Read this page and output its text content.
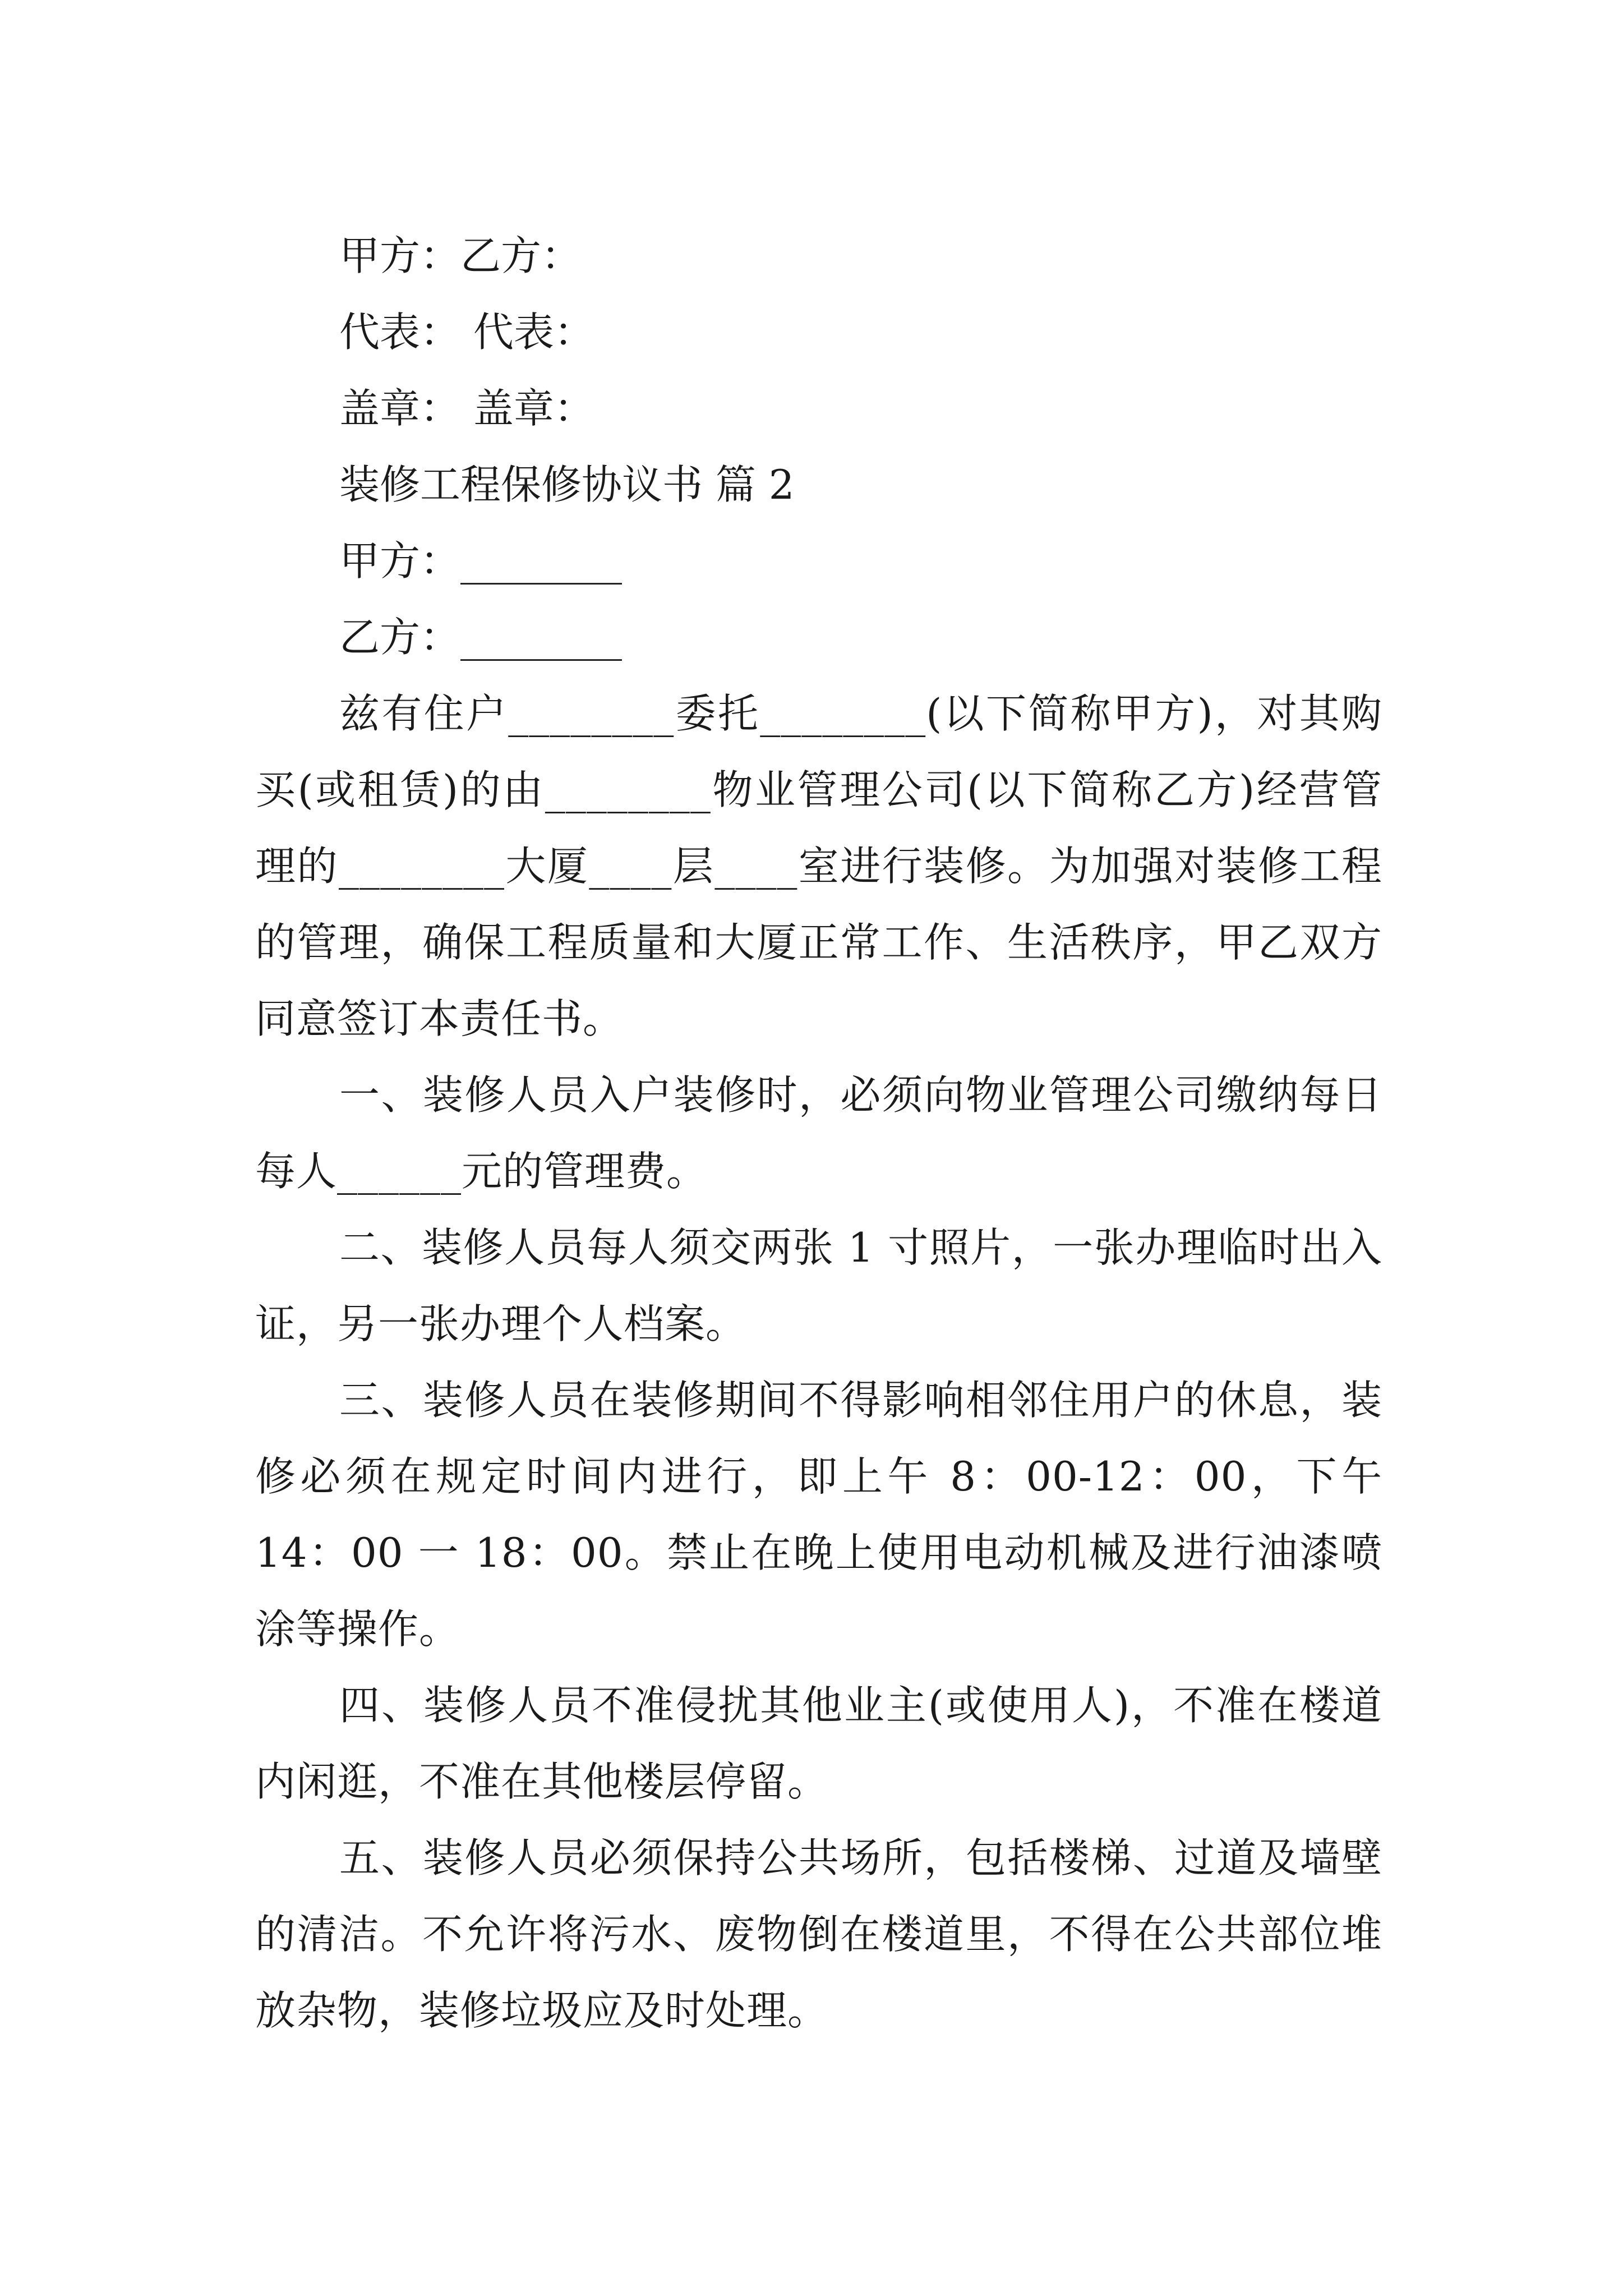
甲方：乙方：
代表： 代表：
盖章： 盖章：
装修工程保修协议书 篇 2
甲方：________
乙方：________
兹有住户________委托________(以下简称甲方)，对其购买(或租赁)的由________物业管理公司(以下简称乙方)经营管理的________大厦____层____室进行装修。为加强对装修工程的管理，确保工程质量和大厦正常工作、生活秩序，甲乙双方同意签订本责任书。
一、装修人员入户装修时，必须向物业管理公司缴纳每日每人______元的管理费。
二、装修人员每人须交两张 1 寸照片，一张办理临时出入证，另一张办理个人档案。
三、装修人员在装修期间不得影响相邻住用户的休息，装修必须在规定时间内进行，即上午 8：00-12：00，下午 14：00 一 18：00。禁止在晚上使用电动机械及进行油漆喷涂等操作。
四、装修人员不准侵扰其他业主(或使用人)，不准在楼道内闲逛，不准在其他楼层停留。
五、装修人员必须保持公共场所，包括楼梯、过道及墙壁的清洁。不允许将污水、废物倒在楼道里，不得在公共部位堆放杂物，装修垃圾应及时处理。
